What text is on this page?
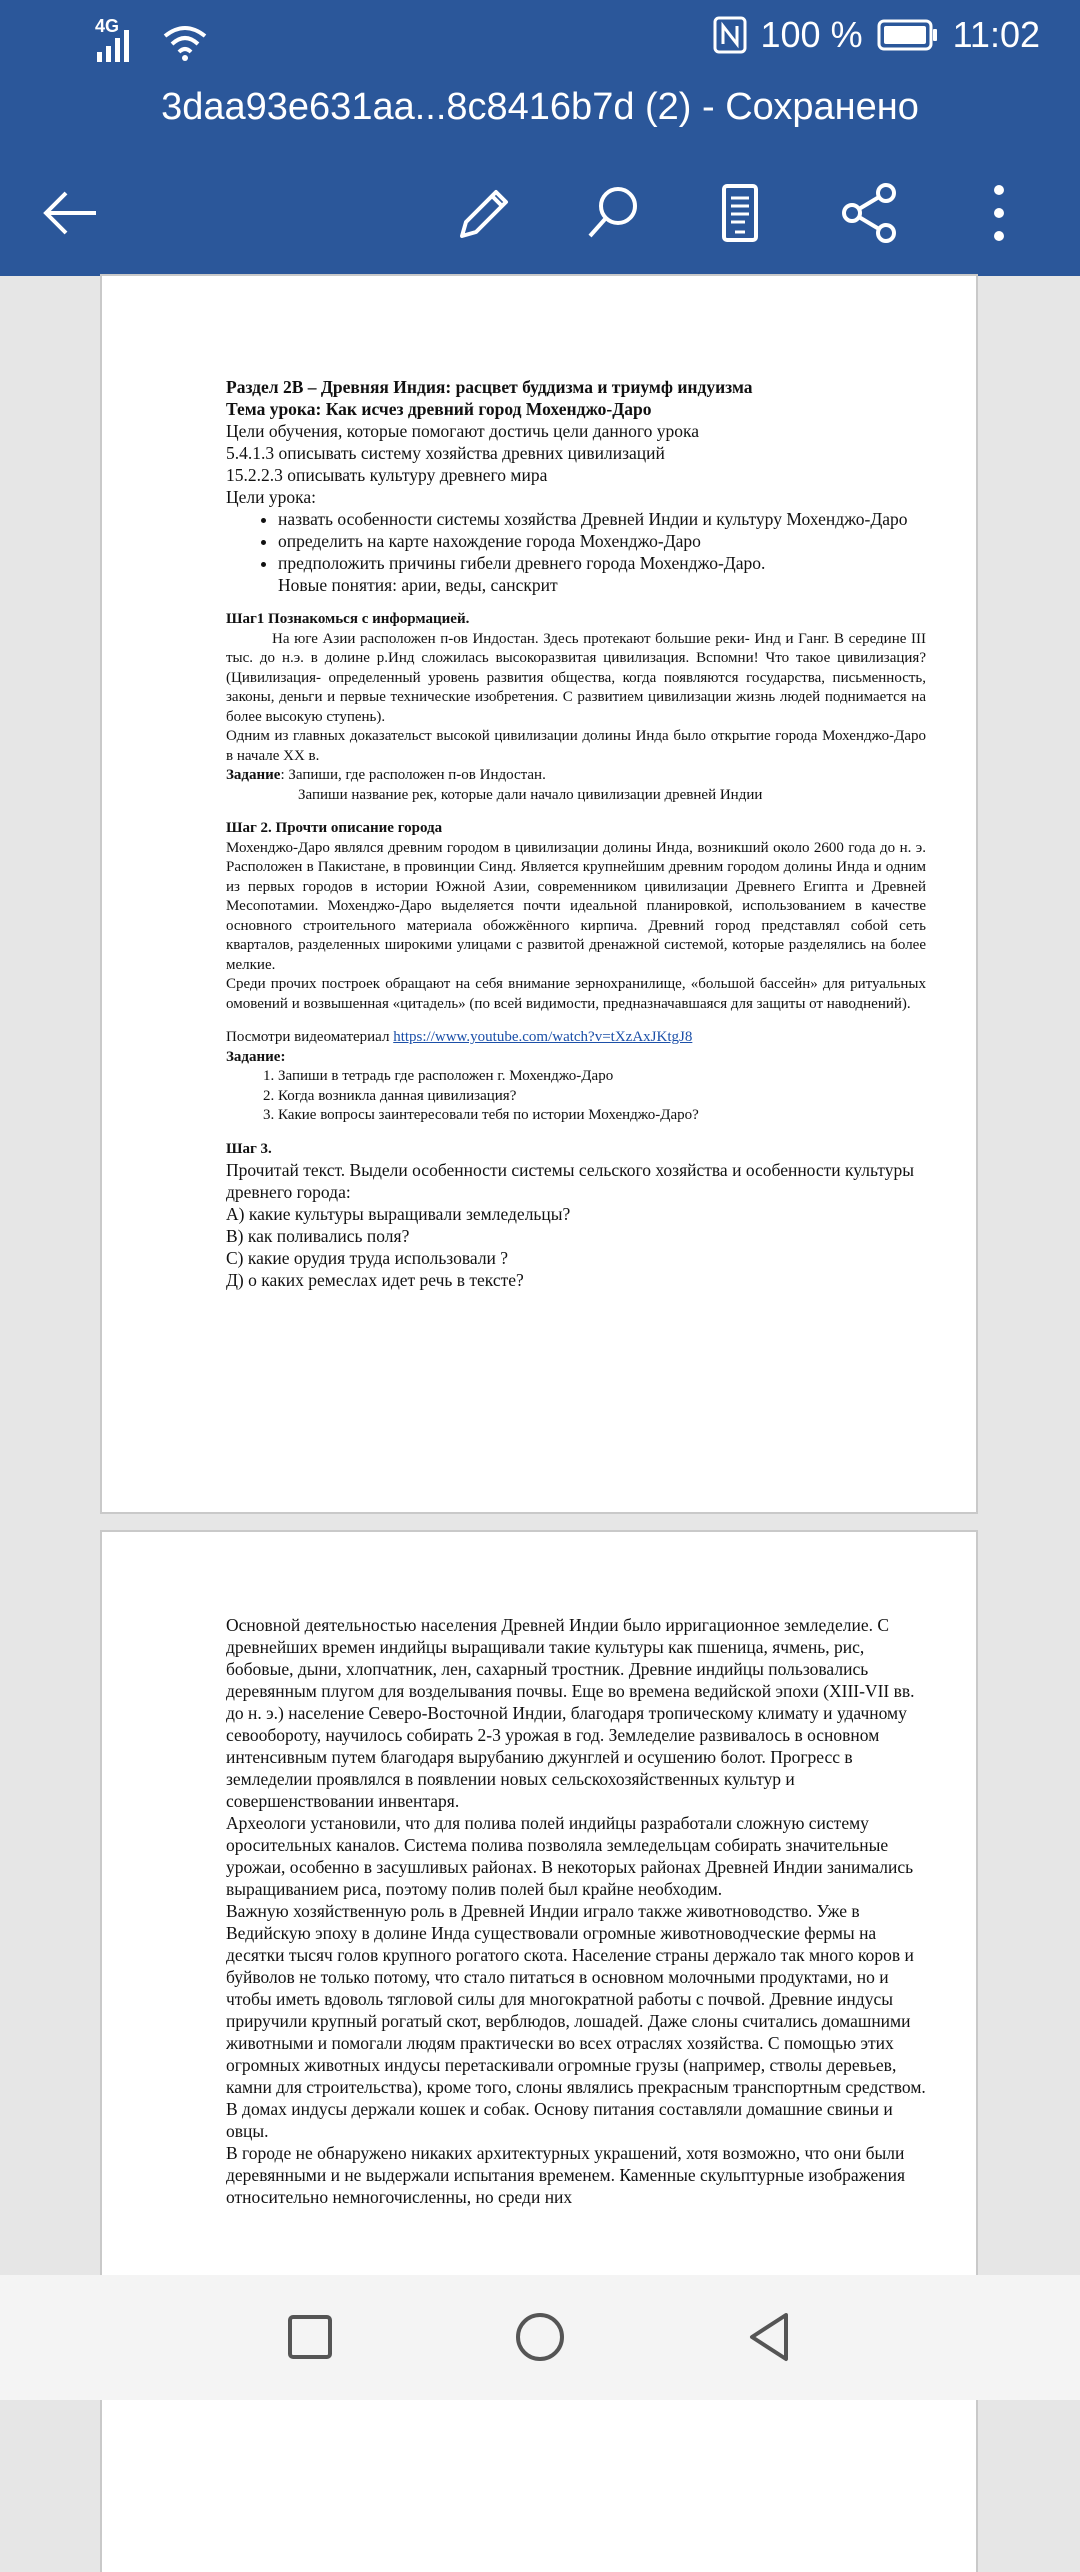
4G	100 %	11:02
3daa93e631aa...8c8416b7d (2) - Сохранено
Раздел 2В – Древняя Индия: расцвет буддизма и триумф индуизма
Тема урока: Как исчез древний город Мохенджо-Даро
Цели обучения, которые помогают достичь цели данного урока
5.4.1.3 описывать систему хозяйства древних цивилизаций
15.2.2.3 описывать культуру древнего мира
Цели урока:
• назвать особенности системы хозяйства Древней Индии и культуру Мохенджо-Даро
• определить на карте нахождение города Мохенджо-Даро
• предположить причины гибели древнего города Мохенджо-Даро.
Новые понятия: арии, веды, санскрит
Шаг1 Познакомься с информацией.
На юге Азии расположен п-ов Индостан. Здесь протекают большие реки- Инд и Ганг. В середине III тыс. до н.э. в долине р.Инд сложилась высокоразвитая цивилизация. Вспомни! Что такое цивилизация? (Цивилизация- определенный уровень развития общества, когда появляются государства, письменность, законы, деньги и первые технические изобретения. С развитием цивилизации жизнь людей поднимается на более высокую ступень).
Одним из главных доказательст высокой цивилизации долины Инда было открытие города Мохенджо-Даро в начале XX в.
Задание: Запиши, где расположен п-ов Индостан.
Запиши название рек, которые дали начало цивилизации древней Индии
Шаг 2. Прочти описание города
Мохенджо-Даро являлся древним городом в цивилизации долины Инда, возникший около 2600 года до н. э. Расположен в Пакистане, в провинции Синд. Является крупнейшим древним городом долины Инда и одним из первых городов в истории Южной Азии, современником цивилизации Древнего Египта и Древней Месопотамии. Мохенджо-Даро выделяется почти идеальной планировкой, использованием в качестве основного строительного материала обожжённого кирпича. Древний город представлял собой сеть кварталов, разделенных широкими улицами с развитой дренажной системой, которые разделялись на более мелкие.
Среди прочих построек обращают на себя внимание зернохранилище, «большой бассейн» для ритуальных омовений и возвышенная «цитадель» (по всей видимости, предназначавшаяся для защиты от наводнений).
Посмотри видеоматериал https://www.youtube.com/watch?v=tXzAxJKtgJ8
Задание:
1. Запиши в тетрадь где расположен г. Мохенджо-Даро
2. Когда возникла данная цивилизация?
3. Какие вопросы заинтересовали тебя по истории Мохенджо-Даро?
Шаг 3.
Прочитай текст. Выдели особенности системы сельского хозяйства и особенности культуры древнего города:
А) какие культуры выращивали земледельцы?
В) как поливались поля?
С) какие орудия труда использовали ?
Д) о каких ремеслах идет речь в тексте?
Основной деятельностью населения Древней Индии было ирригационное земледелие. С древнейших времен индийцы выращивали такие культуры как пшеница, ячмень, рис, бобовые, дыни, хлопчатник, лен, сахарный тростник. Древние индийцы пользовались деревянным плугом для возделывания почвы. Еще во времена ведийской эпохи (XIII-VII вв. до н. э.) население Северо-Восточной Индии, благодаря тропическому климату и удачному севообороту, научилось собирать 2-3 урожая в год. Земледелие развивалось в основном интенсивным путем благодаря вырубанию джунглей и осушению болот. Прогресс в земледелии проявлялся в появлении новых сельскохозяйственных культур и совершенствовании инвентаря.
Археологи установили, что для полива полей индийцы разработали сложную систему оросительных каналов. Система полива позволяла земледельцам собирать значительные урожаи, особенно в засушливых районах. В некоторых районах Древней Индии занимались выращиванием риса, поэтому полив полей был крайне необходим.
Важную хозяйственную роль в Древней Индии играло также животноводство. Уже в Ведийскую эпоху в долине Инда существовали огромные животноводческие фермы на десятки тысяч голов крупного рогатого скота. Население страны держало так много коров и буйволов не только потому, что стало питаться в основном молочными продуктами, но и чтобы иметь вдоволь тягловой силы для многократной работы с почвой. Древние индусы приручили крупный рогатый скот, верблюдов, лошадей. Даже слоны считались домашними животными и помогали людям практически во всех отраслях хозяйства. С помощью этих огромных животных индусы перетаскивали огромные грузы (например, стволы деревьев, камни для строительства), кроме того, слоны являлись прекрасным транспортным средством. В домах индусы держали кошек и собак. Основу питания составляли домашние свиньи и овцы.
В городе не обнаружено никаких архитектурных украшений, хотя возможно, что они были деревянными и не выдержали испытания временем. Каменные скульптурные изображения относительно немногочисленны, но среди них
